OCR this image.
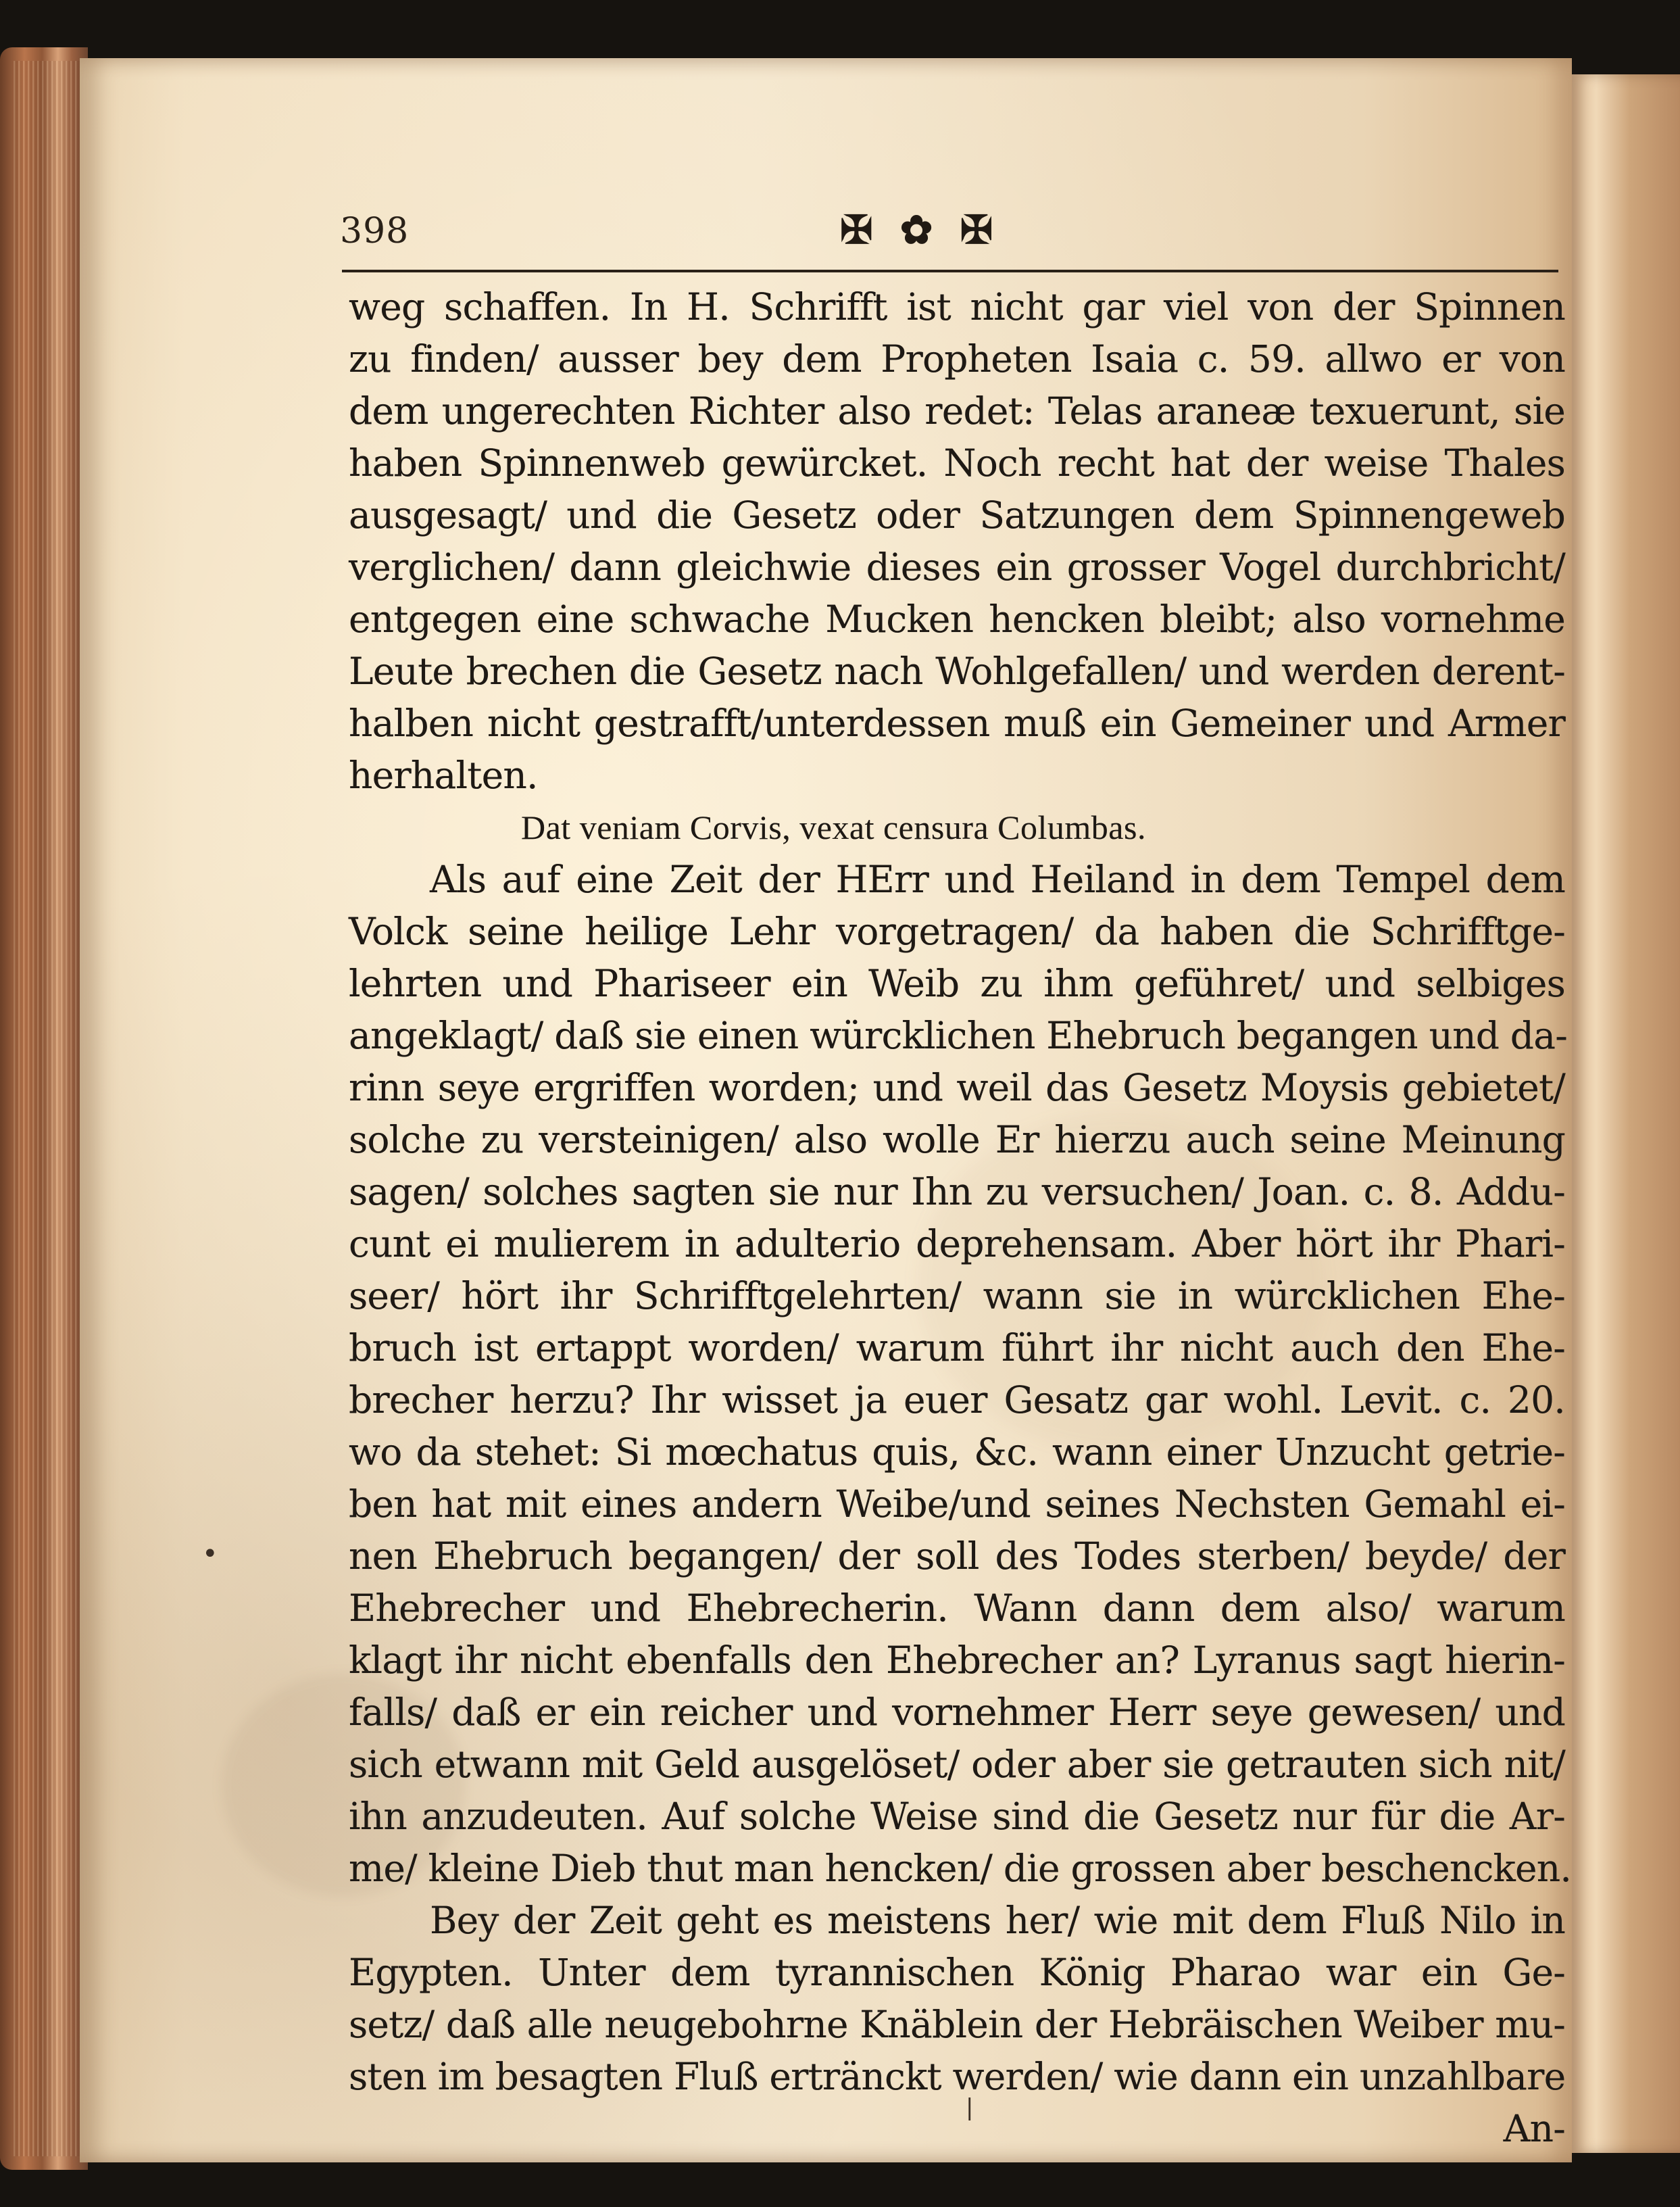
398	✠ ✿ ✠
weg schaffen. In H. Schrifft ist nicht gar viel von der Spinnen
zu finden/ ausser bey dem Propheten Isaia c. 59. allwo er von
dem ungerechten Richter also redet: Telas araneæ texuerunt, sie
haben Spinnenweb gewürcket. Noch recht hat der weise Thales
ausgesagt/ und die Gesetz oder Satzungen dem Spinnengeweb
verglichen/ dann gleichwie dieses ein grosser Vogel durchbricht/
entgegen eine schwache Mucken hencken bleibt; also vornehme
Leute brechen die Gesetz nach Wohlgefallen/ und werden derent-
halben nicht gestrafft/unterdessen muß ein Gemeiner und Armer
herhalten.
Dat veniam Corvis, vexat censura Columbas.
Als auf eine Zeit der HErr und Heiland in dem Tempel dem
Volck seine heilige Lehr vorgetragen/ da haben die Schrifftge-
lehrten und Phariseer ein Weib zu ihm geführet/ und selbiges
angeklagt/ daß sie einen würcklichen Ehebruch begangen und da-
rinn seye ergriffen worden; und weil das Gesetz Moysis gebietet/
solche zu versteinigen/ also wolle Er hierzu auch seine Meinung
sagen/ solches sagten sie nur Ihn zu versuchen/ Joan. c. 8. Addu-
cunt ei mulierem in adulterio deprehensam. Aber hört ihr Phari-
seer/ hört ihr Schrifftgelehrten/ wann sie in würcklichen Ehe-
bruch ist ertappt worden/ warum führt ihr nicht auch den Ehe-
brecher herzu? Ihr wisset ja euer Gesatz gar wohl. Levit. c. 20.
wo da stehet: Si mœchatus quis, &c. wann einer Unzucht getrie-
ben hat mit eines andern Weibe/und seines Nechsten Gemahl ei-
nen Ehebruch begangen/ der soll des Todes sterben/ beyde/ der
Ehebrecher und Ehebrecherin. Wann dann dem also/ warum
klagt ihr nicht ebenfalls den Ehebrecher an? Lyranus sagt hierin-
falls/ daß er ein reicher und vornehmer Herr seye gewesen/ und
sich etwann mit Geld ausgelöset/ oder aber sie getrauten sich nit/
ihn anzudeuten. Auf solche Weise sind die Gesetz nur für die Ar-
me/ kleine Dieb thut man hencken/ die grossen aber beschencken.
Bey der Zeit geht es meistens her/ wie mit dem Fluß Nilo in
Egypten. Unter dem tyrannischen König Pharao war ein Ge-
setz/ daß alle neugebohrne Knäblein der Hebräischen Weiber mu-
sten im besagten Fluß ertränckt werden/ wie dann ein unzahlbare
An-
•
|
